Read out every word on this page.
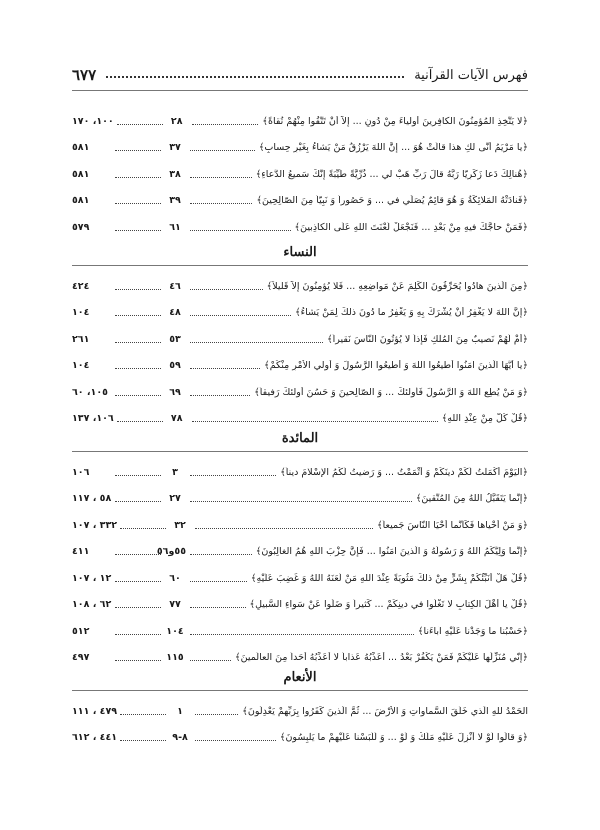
فهرس الآيات القرآنية
٦٧٧
﴿لا يَتَّخِذِ المُؤمِنُونَ الكافِرينَ أولياءَ مِنْ دُونِ ... إلاّ أنْ تَتَّقُوا مِنْهُمْ تُقاةً﴾
٢٨
١٠٠، ١٧٠
﴿يا مَرْيَمُ أنَّى لكِ هذا قالَتْ هُوَ ... إنَّ اللهَ يَرْزُقُ مَنْ يَشاءُ بِغَيْرِ حِسابٍ﴾
٣٧
٥٨١
﴿هُنالِكَ دَعا زَكَرِيّا رَبَّهُ قالَ رَبِّ هَبْ لي ... ذُرِّيَّةً طَيِّبَةً إنَّكَ سَميعُ الدُّعاءِ﴾
٣٨
٥٨١
﴿فَنادَتْهُ المَلائِكَةُ وَ هُوَ قائِمٌ يُصَلّي في ... وَ حَصُوراً وَ نَبِيّاً مِنَ الصّالِحِينَ﴾
٣٩
٥٨١
﴿فَمَنْ حاجَّكَ فيهِ مِنْ بَعْدِ ... فَنَجْعَلْ لَعْنَتَ اللهِ عَلَى الكاذِبينَ﴾
٦١
٥٧٩
النساء
﴿مِنَ الَّذينَ هادُوا يُحَرِّفُونَ الكَلِمَ عَنْ مَواضِعِهِ ... فَلا يُؤمِنُونَ إلاّ قَليلاً﴾
٤٦
٤٢٤
﴿إنَّ اللهَ لا يَغْفِرُ أنْ يُشْرَكَ بِهِ وَ يَغْفِرُ ما دُونَ ذلكَ لِمَنْ يَشاءُ﴾
٤٨
١٠٤
﴿أمْ لَهُمْ نَصيبٌ مِنَ المُلْكِ فَإذاً لا يُؤتُونَ النّاسَ نَقيراً﴾
٥٣
٢٦١
﴿يا أيُّهَا الَّذينَ آمَنُوا أطيعُوا اللهَ وَ أطيعُوا الرَّسُولَ وَ أُولي الأمْرِ مِنْكُمْ﴾
٥٩
١٠٤
﴿وَ مَنْ يُطِعِ اللهَ وَ الرَّسُولَ فَأُولئكَ ... وَ الصّالِحينَ وَ حَسُنَ أُولئكَ رَفيقاً﴾
٦٩
١٠٥، ٦٠
﴿قُلْ كُلٌّ مِنْ عِنْدِ اللهِ﴾
٧٨
١٠٦، ١٣٧
المائدة
﴿اليَوْمَ أكْمَلْتُ لَكُمْ دينَكُمْ وَ أتْمَمْتُ ... وَ رَضيتُ لَكُمُ الإسْلامَ ديناً﴾
٣
١٠٦
﴿إنَّما يَتَقَبَّلُ اللهُ مِنَ المُتَّقينَ﴾
٢٧
٥٨ ، ١١٧
﴿وَ مَنْ أحْياها فَكَأنَّما أحْيَا النّاسَ جَميعاً﴾
٣٢
٣٣٢ ، ١٠٧
﴿إنَّما وَلِيُّكُمُ اللهُ وَ رَسُولُهُ وَ الَّذينَ آمَنُوا ... فَإنَّ حِزْبَ اللهِ هُمُ الغالِبُونَ﴾
٥٥و٥٦
٤١١
﴿قُلْ هَلْ أُنَبِّئُكُمْ بِشَرٍّ مِنْ ذلكَ مَثُوبَةً عِنْدَ اللهِ مَنْ لَعَنَهُ اللهُ وَ غَضِبَ عَلَيْهِ﴾
٦٠
١٢ ، ١٠٧
﴿قُلْ يا أهْلَ الكِتابِ لا تَغْلُوا في دينِكُمْ ... كَثيراً وَ ضَلُّوا عَنْ سَواءِ السَّبيلِ﴾
٧٧
٦٢ ، ١٠٨
﴿حَسْبُنا ما وَجَدْنا عَلَيْهِ آباءَنا﴾
١٠٤
٥١٢
﴿إنّي مُنَزِّلُها عَلَيْكُمْ فَمَنْ يَكْفُرْ بَعْدُ ... أُعَذِّبُهُ عَذاباً لا أُعَذِّبُهُ أحَداً مِنَ العالَمينَ﴾
١١٥
٤٩٧
الأنعام
الحَمْدُ للهِ الَّذي خَلَقَ السَّماواتِ وَ الأرْضَ ... ثُمَّ الَّذينَ كَفَرُوا بِرَبِّهِمْ يَعْدِلُونَ﴾
١
٤٧٩ ، ١١١
﴿وَ قالُوا لَوْ لا أُنْزِلَ عَلَيْهِ مَلَكٌ وَ لَوْ ... وَ لَلَبَسْنا عَلَيْهِمْ ما يَلْبِسُونَ﴾
٨-٩
٤٤١ ، ٦١٢
